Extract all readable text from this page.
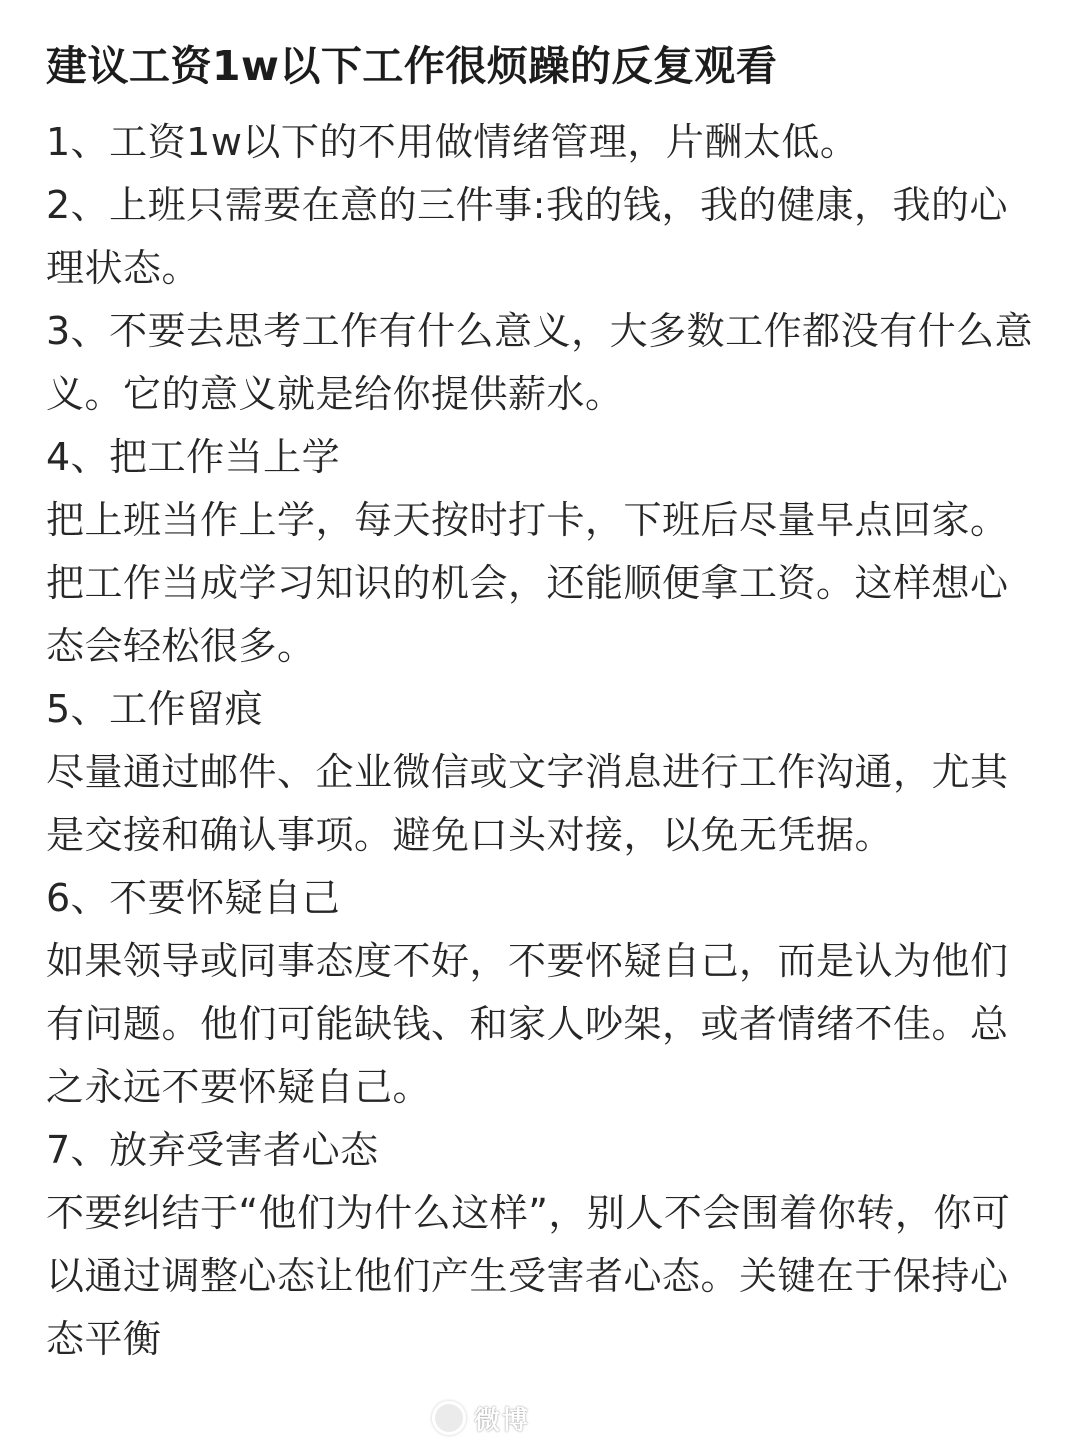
建议工资1w以下工作很烦躁的反复观看

1、工资1w以下的不用做情绪管理，片酬太低。

2、上班只需要在意的三件事:我的钱，我的健康，我的心理状态。

3、不要去思考工作有什么意义，大多数工作都没有什么意义。它的意义就是给你提供薪水。

4、把工作当上学

把上班当作上学，每天按时打卡，下班后尽量早点回家。把工作当成学习知识的机会，还能顺便拿工资。这样想心态会轻松很多。

5、工作留痕

尽量通过邮件、企业微信或文字消息进行工作沟通，尤其是交接和确认事项。避免口头对接，以免无凭据。

6、不要怀疑自己

如果领导或同事态度不好，不要怀疑自己，而是认为他们有问题。他们可能缺钱、和家人吵架，或者情绪不佳。总之永远不要怀疑自己。

7、放弃受害者心态

不要纠结于“他们为什么这样”，别人不会围着你转，你可以通过调整心态让他们产生受害者心态。关键在于保持心态平衡

微博
